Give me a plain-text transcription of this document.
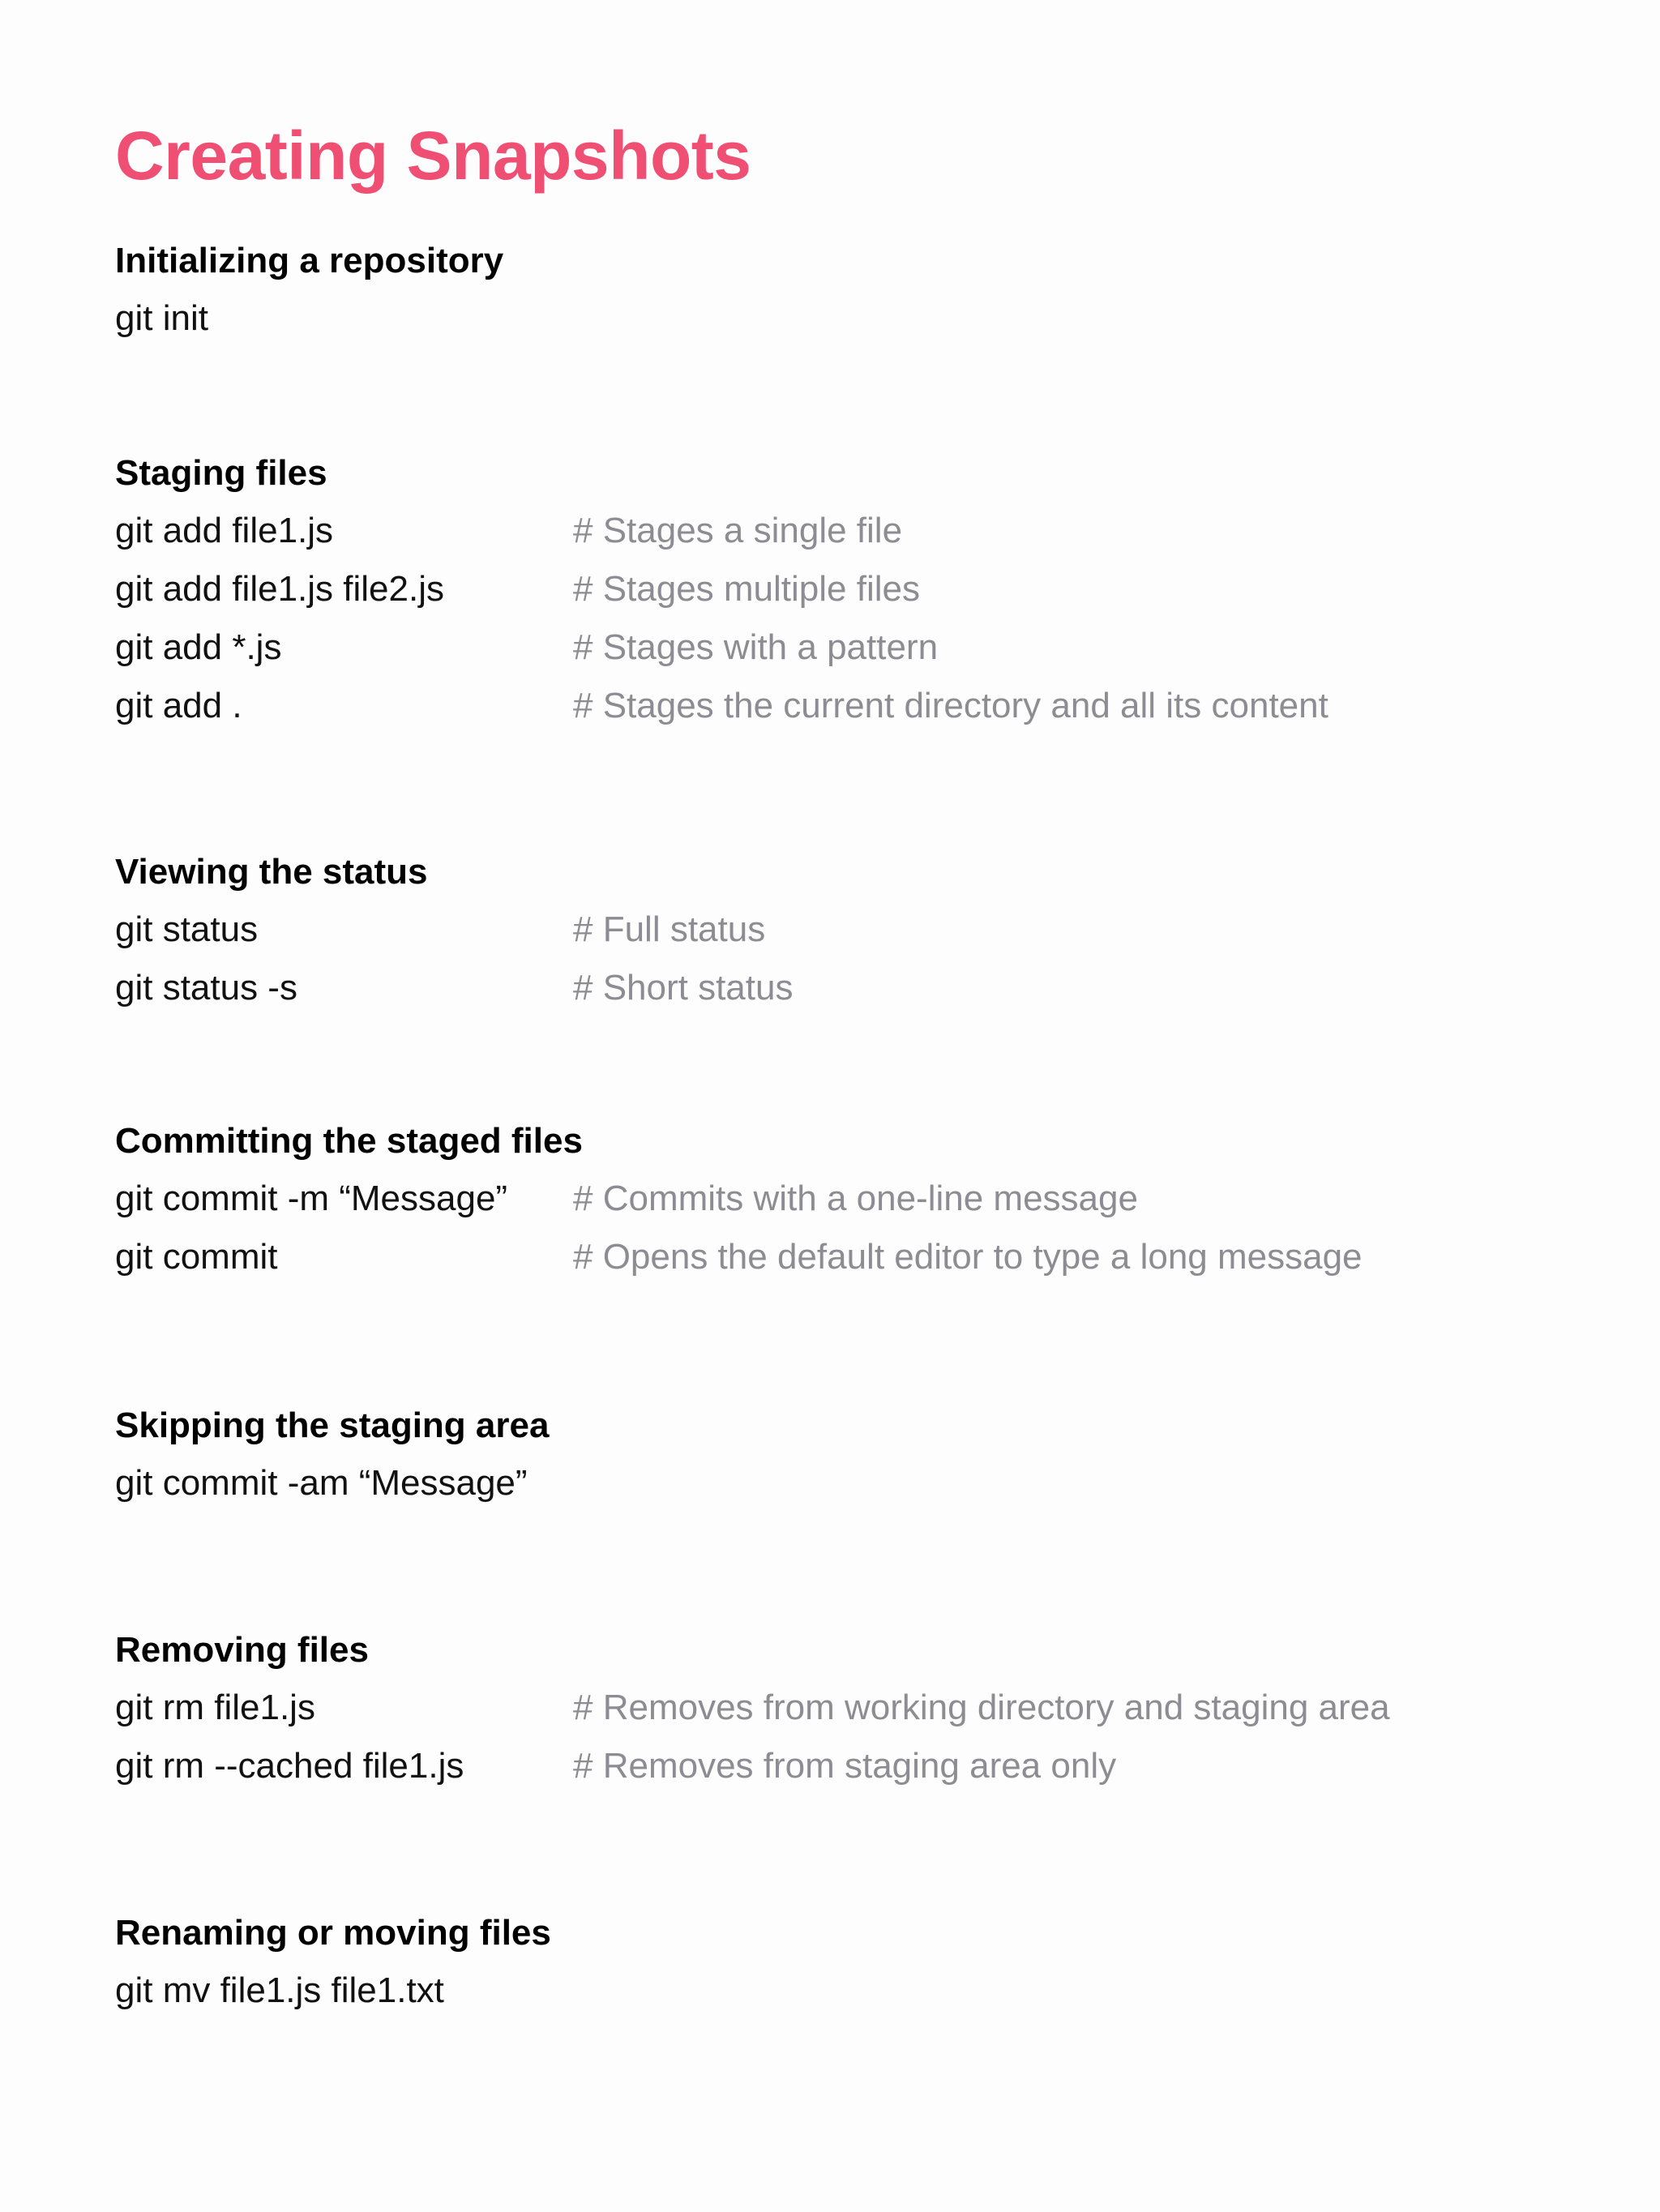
Creating Snapshots
Initializing a repository
git init
Staging files
git add file1.js	# Stages a single file
git add file1.js file2.js	# Stages multiple files
git add *.js	# Stages with a pattern
git add .	# Stages the current directory and all its content
Viewing the status
git status	# Full status
git status -s	# Short status
Committing the staged files
git commit -m “Message” # Commits with a one-line message
git commit	# Opens the default editor to type a long message
Skipping the staging area
git commit -am “Message”
Removing files
git rm file1.js	# Removes from working directory and staging area
git rm --cached file1.js	# Removes from staging area only
Renaming or moving files
git mv file1.js file1.txt
